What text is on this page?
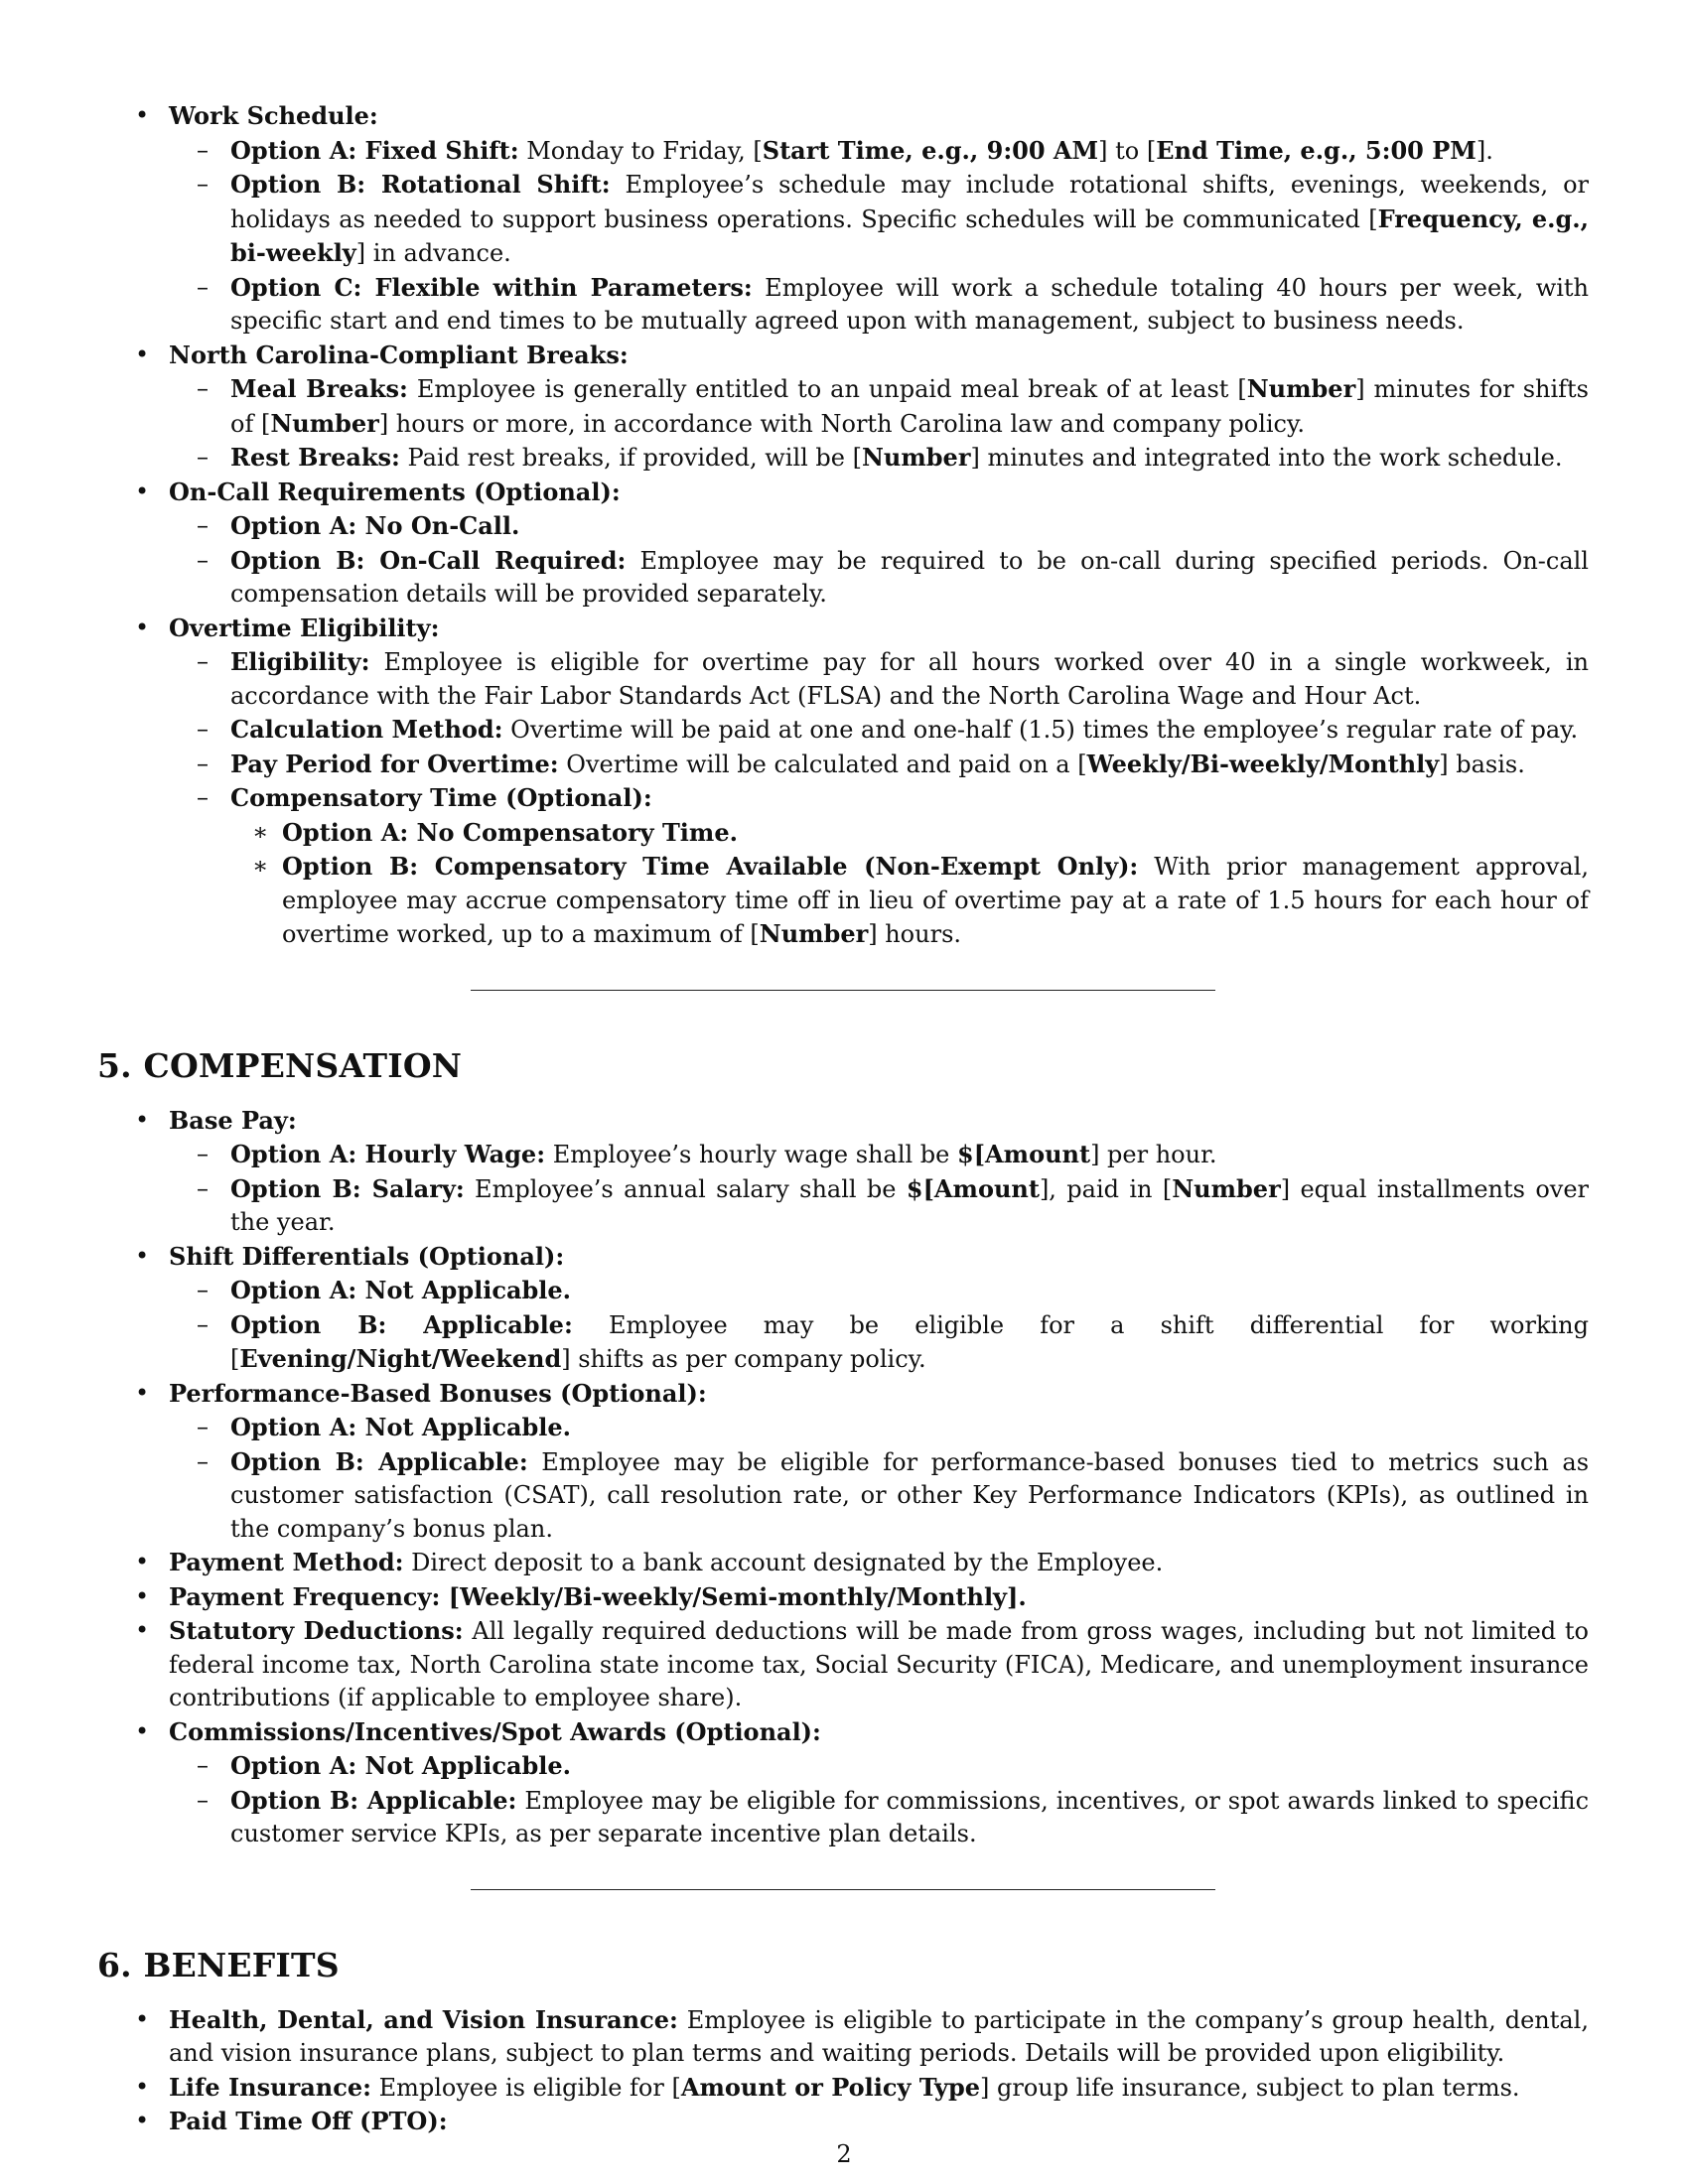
• Work Schedule:
– Option A: Fixed Shift: Monday to Friday, [Start Time, e.g., 9:00 AM] to [End Time, e.g., 5:00 PM].
– Option B: Rotational Shift: Employee’s schedule may include rotational shifts, evenings, weekends, or holidays as needed to support business operations. Specific schedules will be communicated [Frequency, e.g., bi-weekly] in advance.
– Option C: Flexible within Parameters: Employee will work a schedule totaling 40 hours per week, with specific start and end times to be mutually agreed upon with management, subject to business needs.
• North Carolina-Compliant Breaks:
– Meal Breaks: Employee is generally entitled to an unpaid meal break of at least [Number] minutes for shifts of [Number] hours or more, in accordance with North Carolina law and company policy.
– Rest Breaks: Paid rest breaks, if provided, will be [Number] minutes and integrated into the work schedule.
• On-Call Requirements (Optional):
– Option A: No On-Call.
– Option B: On-Call Required: Employee may be required to be on-call during specified periods. On-call compensation details will be provided separately.
• Overtime Eligibility:
– Eligibility: Employee is eligible for overtime pay for all hours worked over 40 in a single workweek, in accordance with the Fair Labor Standards Act (FLSA) and the North Carolina Wage and Hour Act.
– Calculation Method: Overtime will be paid at one and one-half (1.5) times the employee’s regular rate of pay.
– Pay Period for Overtime: Overtime will be calculated and paid on a [Weekly/Bi-weekly/Monthly] basis.
– Compensatory Time (Optional):
∗ Option A: No Compensatory Time.
∗ Option B: Compensatory Time Available (Non-Exempt Only): With prior management approval, employee may accrue compensatory time off in lieu of overtime pay at a rate of 1.5 hours for each hour of overtime worked, up to a maximum of [Number] hours.
5. COMPENSATION
• Base Pay:
– Option A: Hourly Wage: Employee’s hourly wage shall be $[Amount] per hour.
– Option B: Salary: Employee’s annual salary shall be $[Amount], paid in [Number] equal installments over the year.
• Shift Differentials (Optional):
– Option A: Not Applicable.
– Option B: Applicable: Employee may be eligible for a shift differential for working [Evening/Night/Weekend] shifts as per company policy.
• Performance-Based Bonuses (Optional):
– Option A: Not Applicable.
– Option B: Applicable: Employee may be eligible for performance-based bonuses tied to metrics such as customer satisfaction (CSAT), call resolution rate, or other Key Performance Indicators (KPIs), as outlined in the company’s bonus plan.
• Payment Method: Direct deposit to a bank account designated by the Employee.
• Payment Frequency: [Weekly/Bi-weekly/Semi-monthly/Monthly].
• Statutory Deductions: All legally required deductions will be made from gross wages, including but not limited to federal income tax, North Carolina state income tax, Social Security (FICA), Medicare, and unemployment insurance contributions (if applicable to employee share).
• Commissions/Incentives/Spot Awards (Optional):
– Option A: Not Applicable.
– Option B: Applicable: Employee may be eligible for commissions, incentives, or spot awards linked to specific customer service KPIs, as per separate incentive plan details.
6. BENEFITS
• Health, Dental, and Vision Insurance: Employee is eligible to participate in the company’s group health, dental, and vision insurance plans, subject to plan terms and waiting periods. Details will be provided upon eligibility.
• Life Insurance: Employee is eligible for [Amount or Policy Type] group life insurance, subject to plan terms.
• Paid Time Off (PTO):
2
